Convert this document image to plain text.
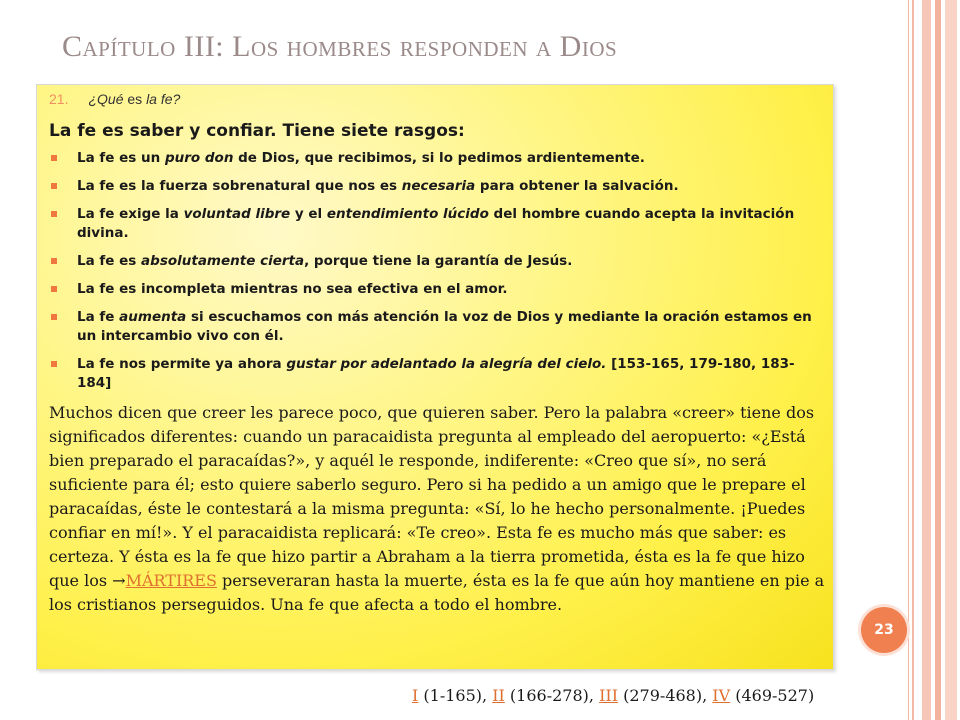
Capítulo III: Los hombres responden a Dios
21. ¿Qué es la fe?
La fe es saber y confiar. Tiene siete rasgos:
La fe es un puro don de Dios, que recibimos, si lo pedimos ardientemente.
La fe es la fuerza sobrenatural que nos es necesaria para obtener la salvación.
La fe exige la voluntad libre y el entendimiento lúcido del hombre cuando acepta la invitación divina.
La fe es absolutamente cierta, porque tiene la garantía de Jesús.
La fe es incompleta mientras no sea efectiva en el amor.
La fe aumenta si escuchamos con más atención la voz de Dios y mediante la oración estamos en un intercambio vivo con él.
La fe nos permite ya ahora gustar por adelantado la alegría del cielo. [153-165, 179-180, 183-184]
Muchos dicen que creer les parece poco, que quieren saber. Pero la palabra «creer» tiene dos significados diferentes: cuando un paracaidista pregunta al empleado del aeropuerto: «¿Está bien preparado el paracaídas?», y aquél le responde, indiferente: «Creo que sí», no será suficiente para él; esto quiere saberlo seguro. Pero si ha pedido a un amigo que le prepare el paracaídas, éste le contestará a la misma pregunta: «Sí, lo he hecho personalmente. ¡Puedes confiar en mí!». Y el paracaidista replicará: «Te creo». Esta fe es mucho más que saber: es certeza. Y ésta es la fe que hizo partir a Abraham a la tierra prometida, ésta es la fe que hizo que los →MÁRTIRES perseveraran hasta la muerte, ésta es la fe que aún hoy mantiene en pie a los cristianos perseguidos. Una fe que afecta a todo el hombre.
23
I (1-165), II (166-278), III (279-468), IV (469-527)
